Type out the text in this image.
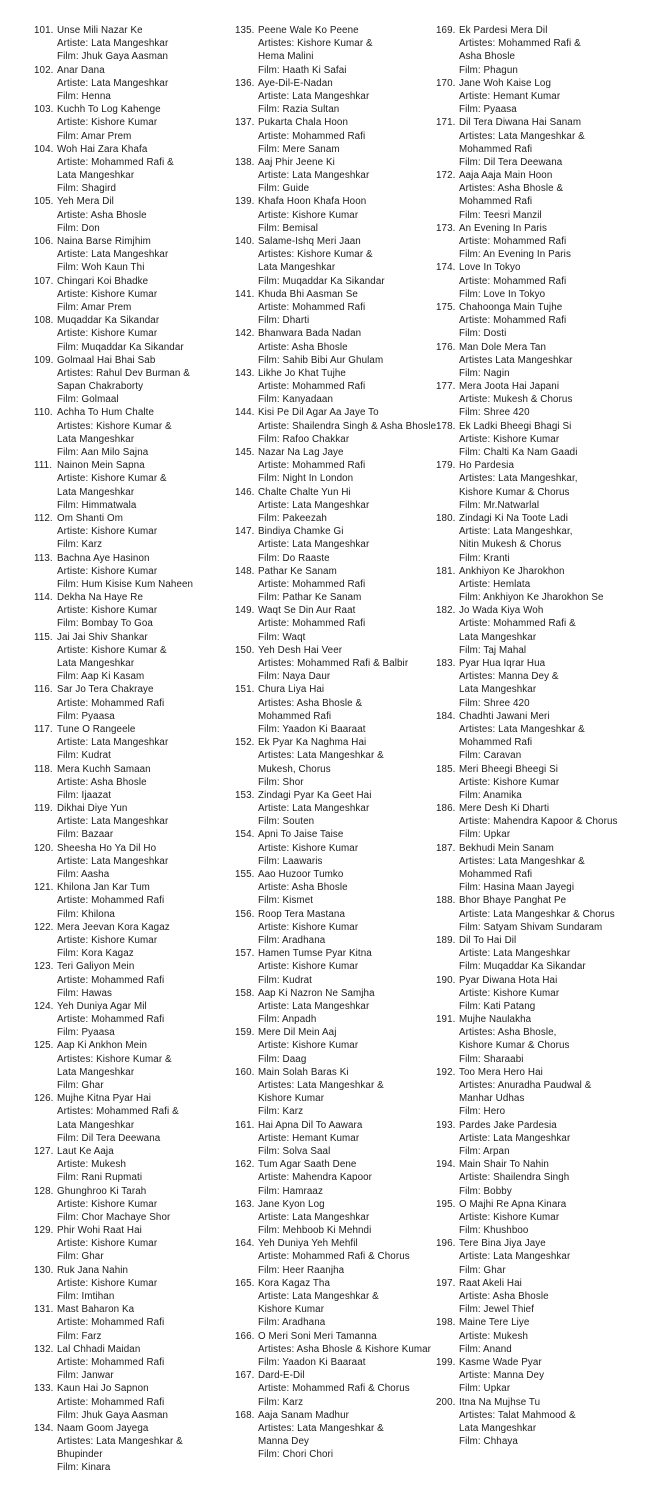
101. Unse Mili Nazar Ke
Artiste: Lata Mangeshkar
Film: Jhuk Gaya Aasman
102. Anar Dana
Artiste: Lata Mangeshkar
Film: Henna
103. Kuchh To Log Kahenge
Artiste: Kishore Kumar
Film: Amar Prem
104. Woh Hai Zara Khafa
Artiste: Mohammed Rafi &
Lata Mangeshkar
Film: Shagird
105. Yeh Mera Dil
Artiste: Asha Bhosle
Film: Don
106. Naina Barse Rimjhim
Artiste: Lata Mangeshkar
Film: Woh Kaun Thi
107. Chingari Koi Bhadke
Artiste: Kishore Kumar
Film: Amar Prem
108. Muqaddar Ka Sikandar
Artiste: Kishore Kumar
Film: Muqaddar Ka Sikandar
109. Golmaal Hai Bhai Sab
Artistes: Rahul Dev Burman &
Sapan Chakraborty
Film: Golmaal
110. Achha To Hum Chalte
Artistes: Kishore Kumar &
Lata Mangeshkar
Film: Aan Milo Sajna
111. Nainon Mein Sapna
Artiste: Kishore Kumar &
Lata Mangeshkar
Film: Himmatwala
112. Om Shanti Om
Artiste: Kishore Kumar
Film: Karz
113. Bachna Aye Hasinon
Artiste: Kishore Kumar
Film: Hum Kisise Kum Naheen
114. Dekha Na Haye Re
Artiste: Kishore Kumar
Film: Bombay To Goa
115. Jai Jai Shiv Shankar
Artiste: Kishore Kumar &
Lata Mangeshkar
Film: Aap Ki Kasam
116. Sar Jo Tera Chakraye
Artiste: Mohammed Rafi
Film: Pyaasa
117. Tune O Rangeele
Artiste: Lata Mangeshkar
Film: Kudrat
118. Mera Kuchh Samaan
Artiste: Asha Bhosle
Film: Ijaazat
119. Dikhai Diye Yun
Artiste: Lata Mangeshkar
Film: Bazaar
120. Sheesha Ho Ya Dil Ho
Artiste: Lata Mangeshkar
Film: Aasha
121. Khilona Jan Kar Tum
Artiste: Mohammed Rafi
Film: Khilona
122. Mera Jeevan Kora Kagaz
Artiste: Kishore Kumar
Film: Kora Kagaz
123. Teri Galiyon Mein
Artiste: Mohammed Rafi
Film: Hawas
124. Yeh Duniya Agar Mil
Artiste: Mohammed Rafi
Film: Pyaasa
125. Aap Ki Ankhon Mein
Artistes: Kishore Kumar &
Lata Mangeshkar
Film: Ghar
126. Mujhe Kitna Pyar Hai
Artistes: Mohammed Rafi &
Lata Mangeshkar
Film: Dil Tera Deewana
127. Laut Ke Aaja
Artiste: Mukesh
Film: Rani Rupmati
128. Ghunghroo Ki Tarah
Artiste: Kishore Kumar
Film: Chor Machaye Shor
129. Phir Wohi Raat Hai
Artiste: Kishore Kumar
Film: Ghar
130. Ruk Jana Nahin
Artiste: Kishore Kumar
Film: Imtihan
131. Mast Baharon Ka
Artiste: Mohammed Rafi
Film: Farz
132. Lal Chhadi Maidan
Artiste: Mohammed Rafi
Film: Janwar
133. Kaun Hai Jo Sapnon
Artiste: Mohammed Rafi
Film: Jhuk Gaya Aasman
134. Naam Goom Jayega
Artistes: Lata Mangeshkar &
Bhupinder
Film: Kinara
135. Peene Wale Ko Peene
Artistes: Kishore Kumar &
Hema Malini
Film: Haath Ki Safai
136. Aye-Dil-E-Nadan
Artiste: Lata Mangeshkar
Film: Razia Sultan
137. Pukarta Chala Hoon
Artiste: Mohammed Rafi
Film: Mere Sanam
138. Aaj Phir Jeene Ki
Artiste: Lata Mangeshkar
Film: Guide
139. Khafa Hoon Khafa Hoon
Artiste: Kishore Kumar
Film: Bemisal
140. Salame-Ishq Meri Jaan
Artistes: Kishore Kumar &
Lata Mangeshkar
Film: Muqaddar Ka Sikandar
141. Khuda Bhi Aasman Se
Artiste: Mohammed Rafi
Film: Dharti
142. Bhanwara Bada Nadan
Artiste: Asha Bhosle
Film: Sahib Bibi Aur Ghulam
143. Likhe Jo Khat Tujhe
Artiste: Mohammed Rafi
Film: Kanyadaan
144. Kisi Pe Dil Agar Aa Jaye To
Artiste: Shailendra Singh & Asha Bhosle
Film: Rafoo Chakkar
145. Nazar Na Lag Jaye
Artiste: Mohammed Rafi
Film: Night In London
146. Chalte Chalte Yun Hi
Artiste: Lata Mangeshkar
Film: Pakeezah
147. Bindiya Chamke Gi
Artiste: Lata Mangeshkar
Film: Do Raaste
148. Pathar Ke Sanam
Artiste: Mohammed Rafi
Film: Pathar Ke Sanam
149. Waqt Se Din Aur Raat
Artiste: Mohammed Rafi
Film: Waqt
150. Yeh Desh Hai Veer
Artistes: Mohammed Rafi & Balbir
Film: Naya Daur
151. Chura Liya Hai
Artistes: Asha Bhosle &
Mohammed Rafi
Film: Yaadon Ki Baaraat
152. Ek Pyar Ka Naghma Hai
Artistes: Lata Mangeshkar &
Mukesh, Chorus
Film: Shor
153. Zindagi Pyar Ka Geet Hai
Artiste: Lata Mangeshkar
Film: Souten
154. Apni To Jaise Taise
Artiste: Kishore Kumar
Film: Laawaris
155. Aao Huzoor Tumko
Artiste: Asha Bhosle
Film: Kismet
156. Roop Tera Mastana
Artiste: Kishore Kumar
Film: Aradhana
157. Hamen Tumse Pyar Kitna
Artiste: Kishore Kumar
Film: Kudrat
158. Aap Ki Nazron Ne Samjha
Artiste: Lata Mangeshkar
Film: Anpadh
159. Mere Dil Mein Aaj
Artiste: Kishore Kumar
Film: Daag
160. Main Solah Baras Ki
Artistes: Lata Mangeshkar &
Kishore Kumar
Film: Karz
161. Hai Apna Dil To Aawara
Artiste: Hemant Kumar
Film: Solva Saal
162. Tum Agar Saath Dene
Artiste: Mahendra Kapoor
Film: Hamraaz
163. Jane Kyon Log
Artiste: Lata Mangeshkar
Film: Mehboob Ki Mehndi
164. Yeh Duniya Yeh Mehfil
Artiste: Mohammed Rafi & Chorus
Film: Heer Raanjha
165. Kora Kagaz Tha
Artiste: Lata Mangeshkar &
Kishore Kumar
Film: Aradhana
166. O Meri Soni Meri Tamanna
Artistes: Asha Bhosle & Kishore Kumar
Film: Yaadon Ki Baaraat
167. Dard-E-Dil
Artiste: Mohammed Rafi & Chorus
Film: Karz
168. Aaja Sanam Madhur
Artistes: Lata Mangeshkar &
Manna Dey
Film: Chori Chori
169. Ek Pardesi Mera Dil
Artistes: Mohammed Rafi &
Asha Bhosle
Film: Phagun
170. Jane Woh Kaise Log
Artiste: Hemant Kumar
Film: Pyaasa
171. Dil Tera Diwana Hai Sanam
Artistes: Lata Mangeshkar &
Mohammed Rafi
Film: Dil Tera Deewana
172. Aaja Aaja Main Hoon
Artistes: Asha Bhosle &
Mohammed Rafi
Film: Teesri Manzil
173. An Evening In Paris
Artiste: Mohammed Rafi
Film: An Evening In Paris
174. Love In Tokyo
Artiste: Mohammed Rafi
Film: Love In Tokyo
175. Chahoonga Main Tujhe
Artiste: Mohammed Rafi
Film: Dosti
176. Man Dole Mera Tan
Artistes Lata Mangeshkar
Film: Nagin
177. Mera Joota Hai Japani
Artiste: Mukesh & Chorus
Film: Shree 420
178. Ek Ladki Bheegi Bhagi Si
Artiste: Kishore Kumar
Film: Chalti Ka Nam Gaadi
179. Ho Pardesia
Artistes: Lata Mangeshkar,
Kishore Kumar & Chorus
Film: Mr.Natwarlal
180. Zindagi Ki Na Toote Ladi
Artiste: Lata Mangeshkar,
Nitin Mukesh & Chorus
Film: Kranti
181. Ankhiyon Ke Jharokhon
Artiste: Hemlata
Film: Ankhiyon Ke Jharokhon Se
182. Jo Wada Kiya Woh
Artiste: Mohammed Rafi &
Lata Mangeshkar
Film: Taj Mahal
183. Pyar Hua Iqrar Hua
Artistes: Manna Dey &
Lata Mangeshkar
Film: Shree 420
184. Chadhti Jawani Meri
Artistes: Lata Mangeshkar &
Mohammed Rafi
Film: Caravan
185. Meri Bheegi Bheegi Si
Artiste: Kishore Kumar
Film: Anamika
186. Mere Desh Ki Dharti
Artiste: Mahendra Kapoor & Chorus
Film: Upkar
187. Bekhudi Mein Sanam
Artistes: Lata Mangeshkar &
Mohammed Rafi
Film: Hasina Maan Jayegi
188. Bhor Bhaye Panghat Pe
Artiste: Lata Mangeshkar & Chorus
Film: Satyam Shivam Sundaram
189. Dil To Hai Dil
Artiste: Lata Mangeshkar
Film: Muqaddar Ka Sikandar
190. Pyar Diwana Hota Hai
Artiste: Kishore Kumar
Film: Kati Patang
191. Mujhe Naulakha
Artistes: Asha Bhosle,
Kishore Kumar & Chorus
Film: Sharaabi
192. Too Mera Hero Hai
Artistes: Anuradha Paudwal &
Manhar Udhas
Film: Hero
193. Pardes Jake Pardesia
Artiste: Lata Mangeshkar
Film: Arpan
194. Main Shair To Nahin
Artiste: Shailendra Singh
Film: Bobby
195. O Majhi Re Apna Kinara
Artiste: Kishore Kumar
Film: Khushboo
196. Tere Bina Jiya Jaye
Artiste: Lata Mangeshkar
Film: Ghar
197. Raat Akeli Hai
Artiste: Asha Bhosle
Film: Jewel Thief
198. Maine Tere Liye
Artiste: Mukesh
Film: Anand
199. Kasme Wade Pyar
Artiste: Manna Dey
Film: Upkar
200. Itna Na Mujhse Tu
Artistes: Talat Mahmood &
Lata Mangeshkar
Film: Chhaya
